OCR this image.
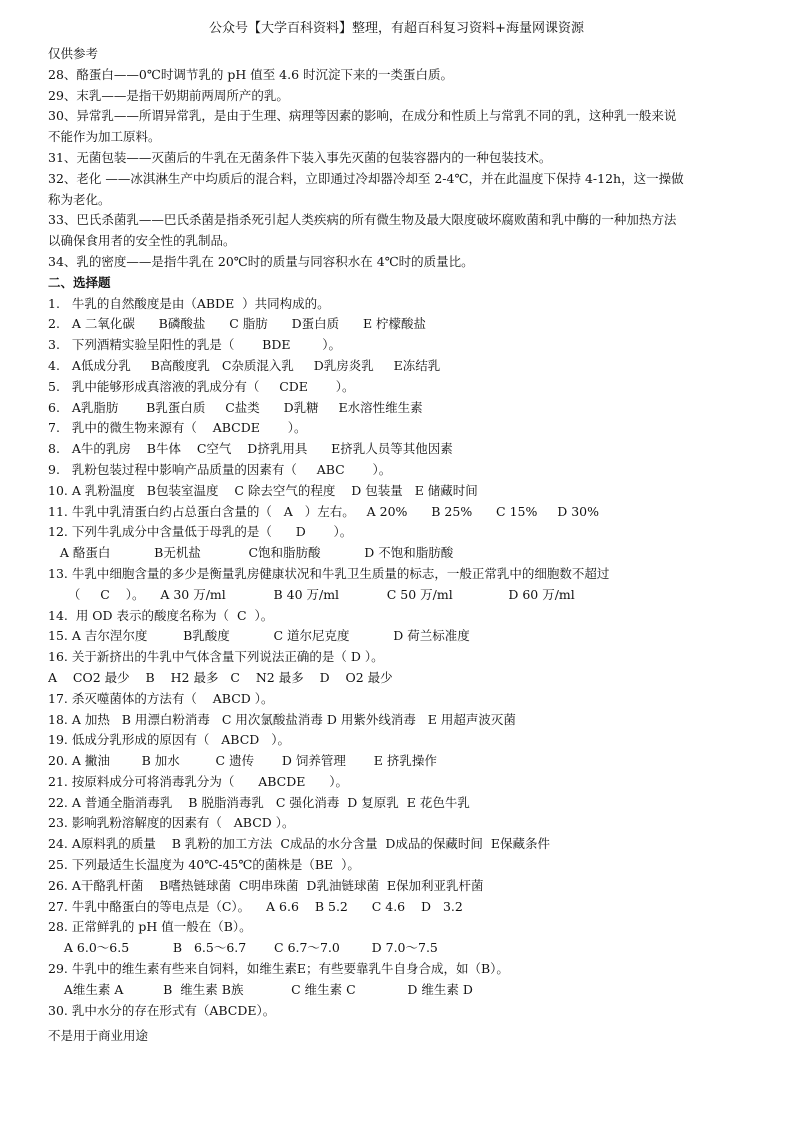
公众号【大学百科资料】整理，有超百科复习资料+海量网课资源
仅供参考
28、酪蛋白——0℃时调节乳的 pH 值至 4.6 时沉淀下来的一类蛋白质。
29、末乳——是指干奶期前两周所产的乳。
30、异常乳——所谓异常乳，是由于生理、病理等因素的影响，在成分和性质上与常乳不同的乳，这种乳一般来说
不能作为加工原料。
31、无菌包装——灭菌后的牛乳在无菌条件下装入事先灭菌的包装容器内的一种包装技术。
32、老化 ——冰淇淋生产中均质后的混合料，立即通过冷却器冷却至 2-4℃，并在此温度下保持 4-12h，这一操做
称为老化。
33、巴氏杀菌乳——巴氏杀菌是指杀死引起人类疾病的所有微生物及最大限度破坏腐败菌和乳中酶的一种加热方法
以确保食用者的安全性的乳制品。
34、乳的密度——是指牛乳在 20℃时的质量与同容积水在 4℃时的质量比。
二、选择题
1.   牛乳的自然酸度是由（ABDE  ）共同构成的。
2.   A 二氧化碳      B磷酸盐      C 脂肪      D蛋白质      E 柠檬酸盐
3.   下列酒精实验呈阳性的乳是（       BDE        ）。
4.   A低成分乳     B高酸度乳   C杂质混入乳     D乳房炎乳     E冻结乳
5.   乳中能够形成真溶液的乳成分有（     CDE       ）。
6.   A乳脂肪       B乳蛋白质     C盐类      D乳糖     E水溶性维生素
7.   乳中的微生物来源有（    ABCDE       ）。
8.   A牛的乳房    B牛体    C空气    D挤乳用具      E挤乳人员等其他因素
9.   乳粉包装过程中影响产品质量的因素有（     ABC       ）。
10. A 乳粉温度   B包装室温度    C 除去空气的程度    D 包装量   E 储藏时间
11. 牛乳中乳清蛋白约占总蛋白含量的（   A   ）左右。   A 20%      B 25%      C 15%     D 30%
12. 下列牛乳成分中含量低于母乳的是（      D       ）。
A 酪蛋白           B无机盐            C饱和脂肪酸           D 不饱和脂肪酸
13. 牛乳中细胞含量的多少是衡量乳房健康状况和牛乳卫生质量的标志，一般正常乳中的细胞数不超过
（     C    ）。    A 30 万/ml            B 40 万/ml            C 50 万/ml              D 60 万/ml
14.  用 OD 表示的酸度名称为（  C  ）。
15. A 吉尔涅尔度         B乳酸度           C 道尔尼克度           D 荷兰标准度
16. 关于新挤出的牛乳中气体含量下列说法正确的是（ D ）。
A    CO2 最少    B    H2 最多   C    N2 最多    D    O2 最少
17. 杀灭噬菌体的方法有（    ABCD ）。
18. A 加热   B 用漂白粉消毒   C 用次氯酸盐消毒 D 用紫外线消毒   E 用超声波灭菌
19. 低成分乳形成的原因有（   ABCD   ）。
20. A 撇油        B 加水         C 遗传       D 饲养管理       E 挤乳操作
21. 按原料成分可将消毒乳分为（      ABCDE      ）。
22. A 普通全脂消毒乳    B 脱脂消毒乳   C 强化消毒  D 复原乳  E 花色牛乳
23. 影响乳粉溶解度的因素有（   ABCD ）。
24. A原料乳的质量    B 乳粉的加工方法  C成品的水分含量  D成品的保藏时间  E保藏条件
25. 下列最适生长温度为 40℃-45℃的菌株是（BE  ）。
26. A干酪乳杆菌    B嗜热链球菌  C明串珠菌  D乳油链球菌  E保加利亚乳杆菌
27. 牛乳中酪蛋白的等电点是（C）。    A 6.6    B 5.2      C 4.6    D   3.2
28. 正常鲜乳的 pH 值一般在（B）。
A 6.0～6.5           B   6.5～6.7       C 6.7～7.0        D 7.0～7.5
29. 牛乳中的维生素有些来自饲料，如维生素E；有些要靠乳牛自身合成，如（B）。
A维生素 A          B  维生素 B族            C 维生素 C             D 维生素 D
30. 乳中水分的存在形式有（ABCDE）。
不是用于商业用途
